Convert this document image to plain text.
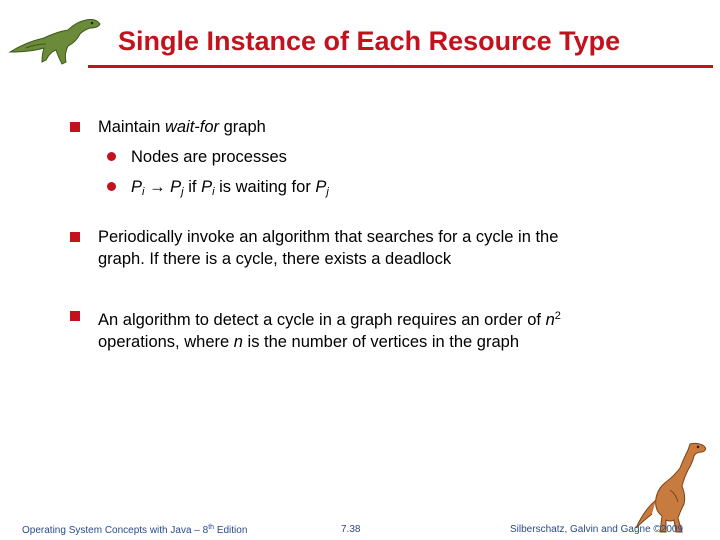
Single Instance of Each Resource Type
Maintain wait-for graph
Nodes are processes
$P_i \to P_j$ if $P_i$ is waiting for $P_j$
Periodically invoke an algorithm that searches for a cycle in the graph. If there is a cycle, there exists a deadlock
An algorithm to detect a cycle in a graph requires an order of $n^2$ operations, where n is the number of vertices in the graph
Operating System Concepts with Java – 8th Edition	7.38	Silberschatz, Galvin and Gagne ©2009
